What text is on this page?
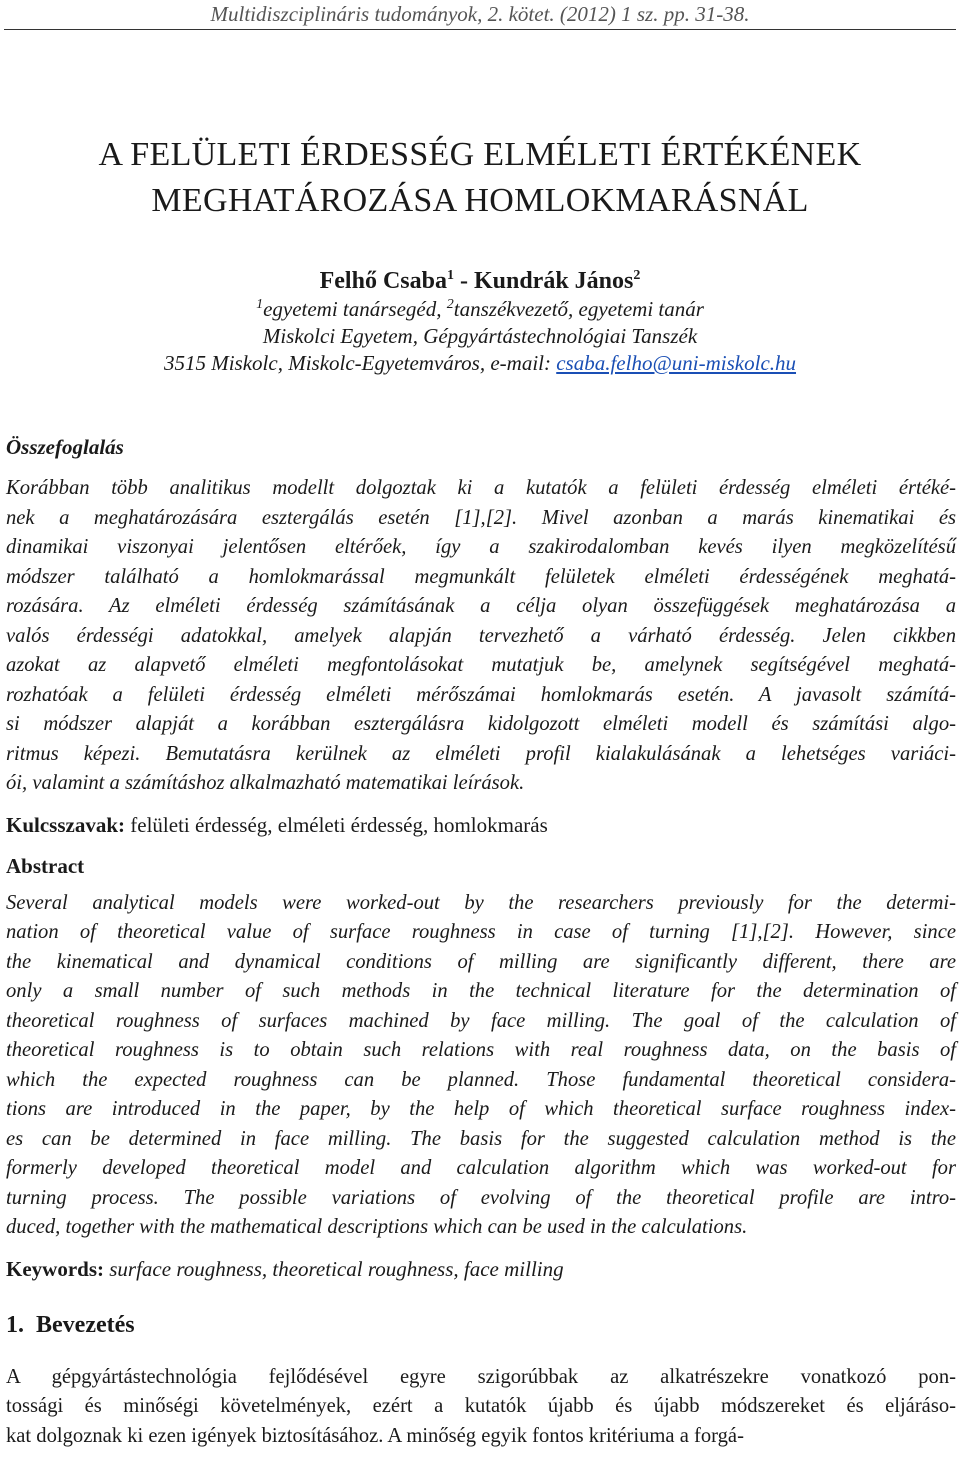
Multidiszciplináris tudományok, 2. kötet. (2012) 1 sz. pp. 31-38.
A FELÜLETI ÉRDESSÉG ELMÉLETI ÉRTÉKÉNEK
MEGHATÁROZÁSA HOMLOKMARÁSNÁL
Felhő Csaba$^1$ - Kundrák János$^2$
$^1$egyetemi tanársegéd, $^2$tanszékvezető, egyetemi tanár
Miskolci Egyetem, Gépgyártástechnológiai Tanszék
3515 Miskolc, Miskolc-Egyetemváros, e-mail: csaba.felho@uni-miskolc.hu
Összefoglalás
Korábban több analitikus modellt dolgoztak ki a kutatók a felületi érdesség elméleti értéké-
nek a meghatározására esztergálás esetén [1],[2]. Mivel azonban a marás kinematikai és
dinamikai viszonyai jelentősen eltérőek, így a szakirodalomban kevés ilyen megközelítésű
módszer található a homlokmarással megmunkált felületek elméleti érdességének meghatá-
rozására. Az elméleti érdesség számításának a célja olyan összefüggések meghatározása a
valós érdességi adatokkal, amelyek alapján tervezhető a várható érdesség. Jelen cikkben
azokat az alapvető elméleti megfontolásokat mutatjuk be, amelynek segítségével meghatá-
rozhatóak a felületi érdesség elméleti mérőszámai homlokmarás esetén. A javasolt számítá-
si módszer alapját a korábban esztergálásra kidolgozott elméleti modell és számítási algo-
ritmus képezi. Bemutatásra kerülnek az elméleti profil kialakulásának a lehetséges variáci-
ói, valamint a számításhoz alkalmazható matematikai leírások.
Kulcsszavak: felületi érdesség, elméleti érdesség, homlokmarás
Abstract
Several analytical models were worked-out by the researchers previously for the determi-
nation of theoretical value of surface roughness in case of turning [1],[2]. However, since
the kinematical and dynamical conditions of milling are significantly different, there are
only a small number of such methods in the technical literature for the determination of
theoretical roughness of surfaces machined by face milling. The goal of the calculation of
theoretical roughness is to obtain such relations with real roughness data, on the basis of
which the expected roughness can be planned. Those fundamental theoretical considera-
tions are introduced in the paper, by the help of which theoretical surface roughness index-
es can be determined in face milling. The basis for the suggested calculation method is the
formerly developed theoretical model and calculation algorithm which was worked-out for
turning process. The possible variations of evolving of the theoretical profile are intro-
duced, together with the mathematical descriptions which can be used in the calculations.
Keywords: surface roughness, theoretical roughness, face milling
1.  Bevezetés
A gépgyártástechnológia fejlődésével egyre szigorúbbak az alkatrészekre vonatkozó pon-
tossági és minőségi követelmények, ezért a kutatók újabb és újabb módszereket és eljáráso-
kat dolgoznak ki ezen igények biztosításához. A minőség egyik fontos kritériuma a forgá-
